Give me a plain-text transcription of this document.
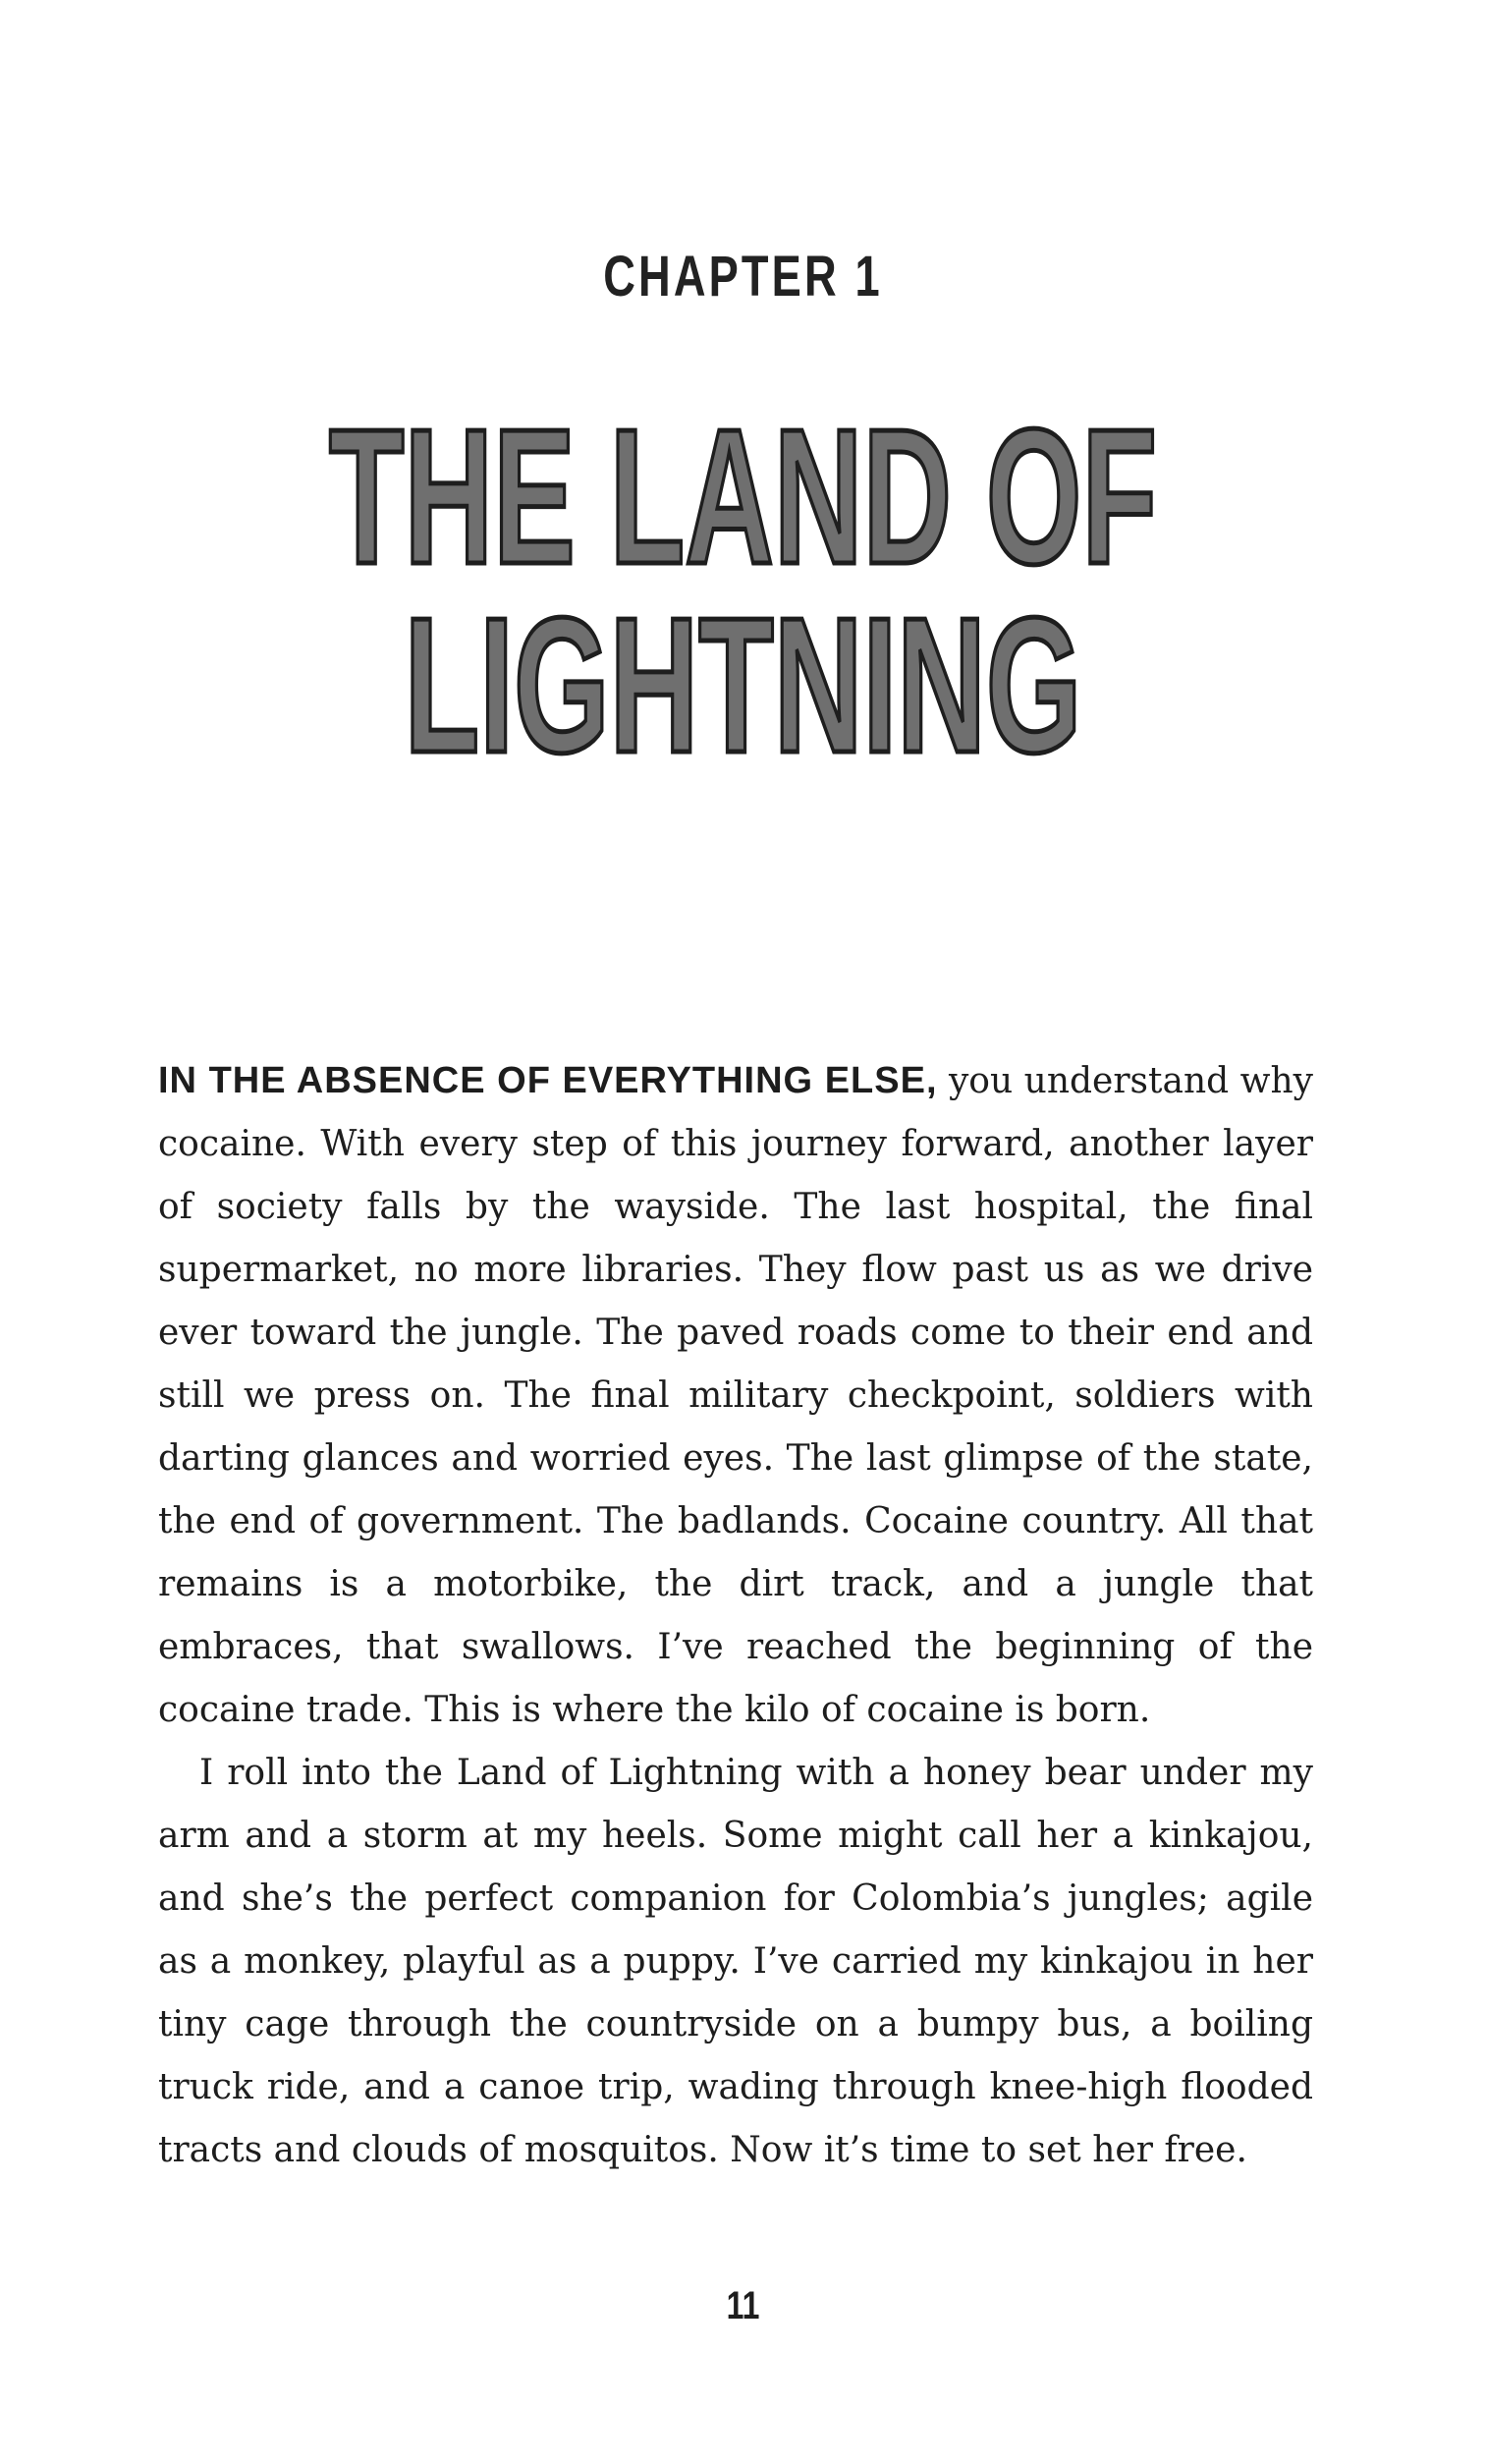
CHAPTER 1
THE LAND OF
LIGHTNING

IN THE ABSENCE OF EVERYTHING ELSE, you understand why cocaine. With every step of this journey forward, another layer of society falls by the wayside. The last hospital, the final supermarket, no more libraries. They flow past us as we drive ever toward the jungle. The paved roads come to their end and still we press on. The final military checkpoint, soldiers with darting glances and worried eyes. The last glimpse of the state, the end of government. The badlands. Cocaine country. All that remains is a motorbike, the dirt track, and a jungle that embraces, that swallows. I’ve reached the beginning of the cocaine trade. This is where the kilo of cocaine is born.

I roll into the Land of Lightning with a honey bear under my arm and a storm at my heels. Some might call her a kinkajou, and she’s the perfect companion for Colombia’s jungles; agile as a monkey, playful as a puppy. I’ve carried my kinkajou in her tiny cage through the countryside on a bumpy bus, a boiling truck ride, and a canoe trip, wading through knee-high flooded tracts and clouds of mosquitos. Now it’s time to set her free.

11
